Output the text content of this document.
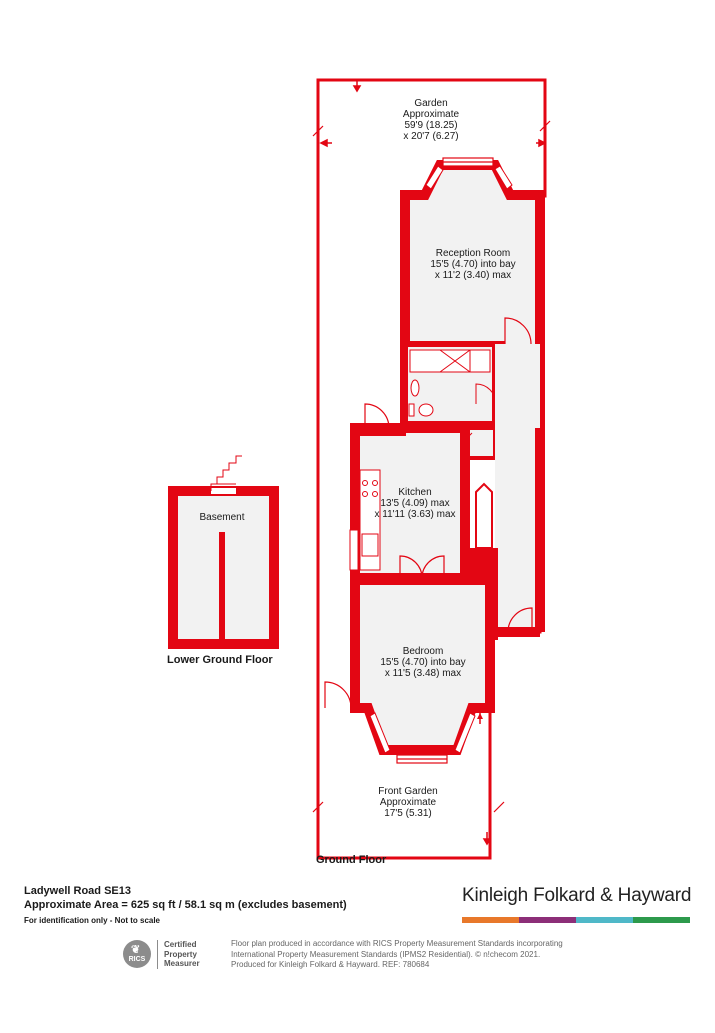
Garden Approximate 59'9 (18.25) x 20'7 (6.27)
Reception Room 15'5 (4.70) into bay x 11'2 (3.40) max
Kitchen 13'5 (4.09) max x 11'11 (3.63) max
Bedroom 15'5 (4.70) into bay x 11'5 (3.48) max
Front Garden Approximate 17'5 (5.31)
Basement
Lower Ground Floor
Ground Floor
Ladywell Road SE13
Approximate Area = 625 sq ft / 58.1 sq m (excludes basement)
For identification only - Not to scale
Kinleigh Folkard & Hayward
RICS
❦	Certified
Property
Measurer
Floor plan produced in accordance with RICS Property Measurement Standards incorporating
International Property Measurement Standards (IPMS2 Residential). © n!checom 2021.
Produced for Kinleigh Folkard & Hayward. REF: 780684
